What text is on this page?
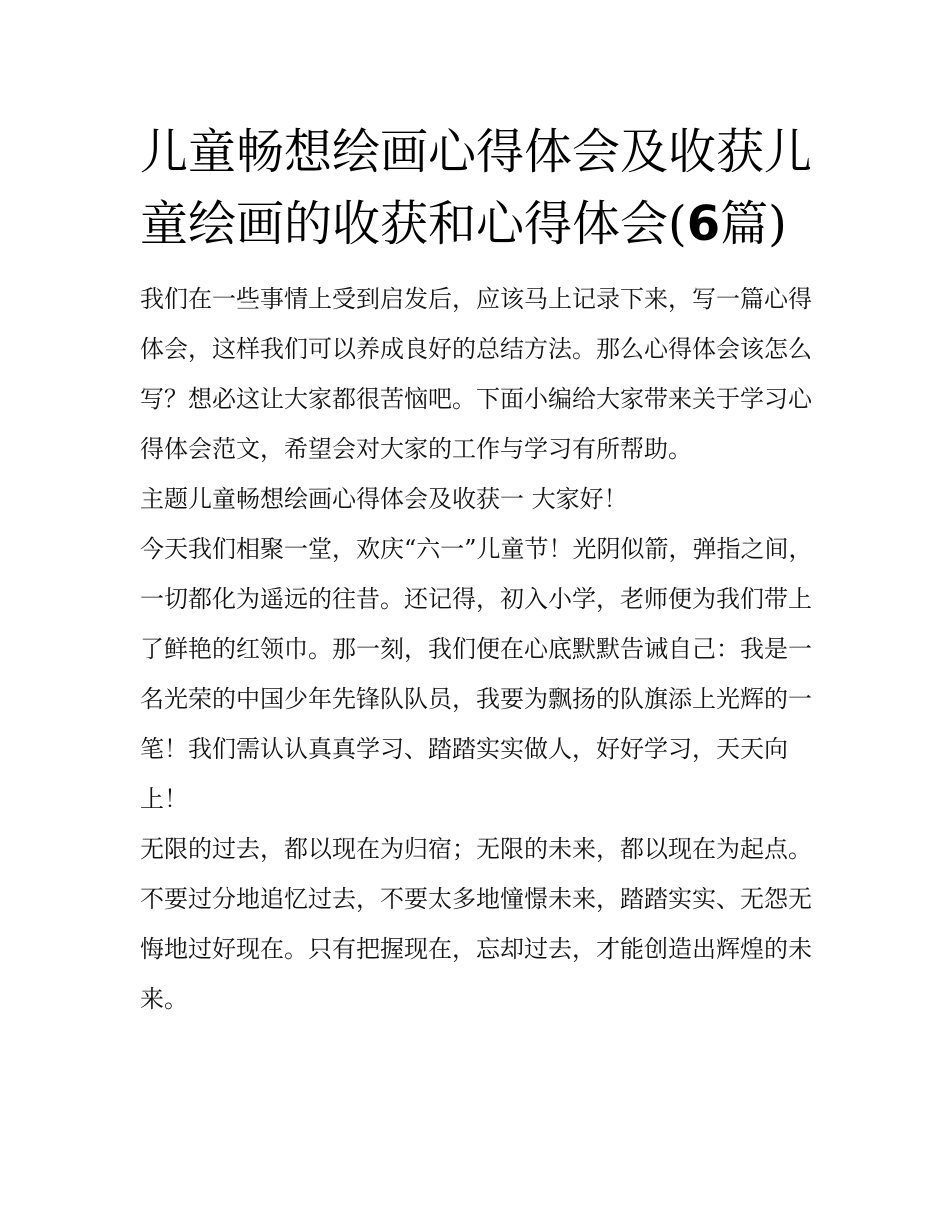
儿童畅想绘画心得体会及收获儿童绘画的收获和心得体会(6篇)

我们在一些事情上受到启发后，应该马上记录下来，写一篇心得体会，这样我们可以养成良好的总结方法。那么心得体会该怎么写？想必这让大家都很苦恼吧。下面小编给大家带来关于学习心得体会范文，希望会对大家的工作与学习有所帮助。

主题儿童畅想绘画心得体会及收获一 大家好！

今天我们相聚一堂，欢庆“六一”儿童节！光阴似箭，弹指之间，一切都化为遥远的往昔。还记得，初入小学，老师便为我们带上了鲜艳的红领巾。那一刻，我们便在心底默默告诫自己：我是一名光荣的中国少年先锋队队员，我要为飘扬的队旗添上光辉的一笔！我们需认认真真学习、踏踏实实做人，好好学习，天天向上！

无限的过去，都以现在为归宿；无限的未来，都以现在为起点。不要过分地追忆过去，不要太多地憧憬未来，踏踏实实、无怨无悔地过好现在。只有把握现在，忘却过去，才能创造出辉煌的未来。
